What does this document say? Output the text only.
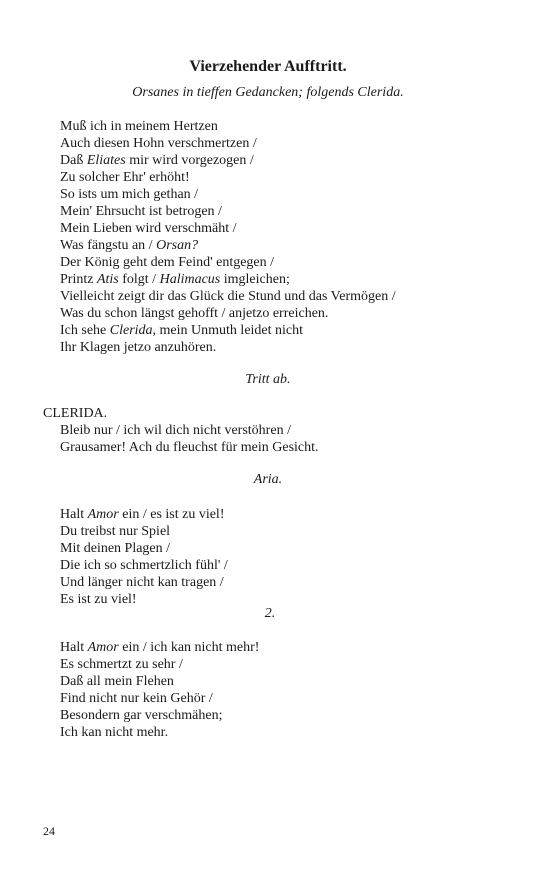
Vierzehender Aufftritt.
Orsanes in tieffen Gedancken; folgends Clerida.
Muß ich in meinem Hertzen
Auch diesen Hohn verschmertzen /
Daß Eliates mir wird vorgezogen /
Zu solcher Ehr' erhöht!
So ists um mich gethan /
Mein' Ehrsucht ist betrogen /
Mein Lieben wird verschmäht /
Was fängstu an / Orsan?
Der König geht dem Feind' entgegen /
Printz Atis folgt / Halimacus imgleichen;
Vielleicht zeigt dir das Glück die Stund und das Vermögen /
Was du schon längst gehofft / anjetzo erreichen.
Ich sehe Clerida, mein Unmuth leidet nicht
Ihr Klagen jetzo anzuhören.
Tritt ab.
CLERIDA.
Bleib nur / ich wil dich nicht verstöhren /
Grausamer! Ach du fleuchst für mein Gesicht.
Aria.
Halt Amor ein / es ist zu viel!
Du treibst nur Spiel
Mit deinen Plagen /
Die ich so schmertzlich fühl' /
Und länger nicht kan tragen /
Es ist zu viel!
2.
Halt Amor ein / ich kan nicht mehr!
Es schmertzt zu sehr /
Daß all mein Flehen
Find nicht nur kein Gehör /
Besondern gar verschmähen;
Ich kan nicht mehr.
24
